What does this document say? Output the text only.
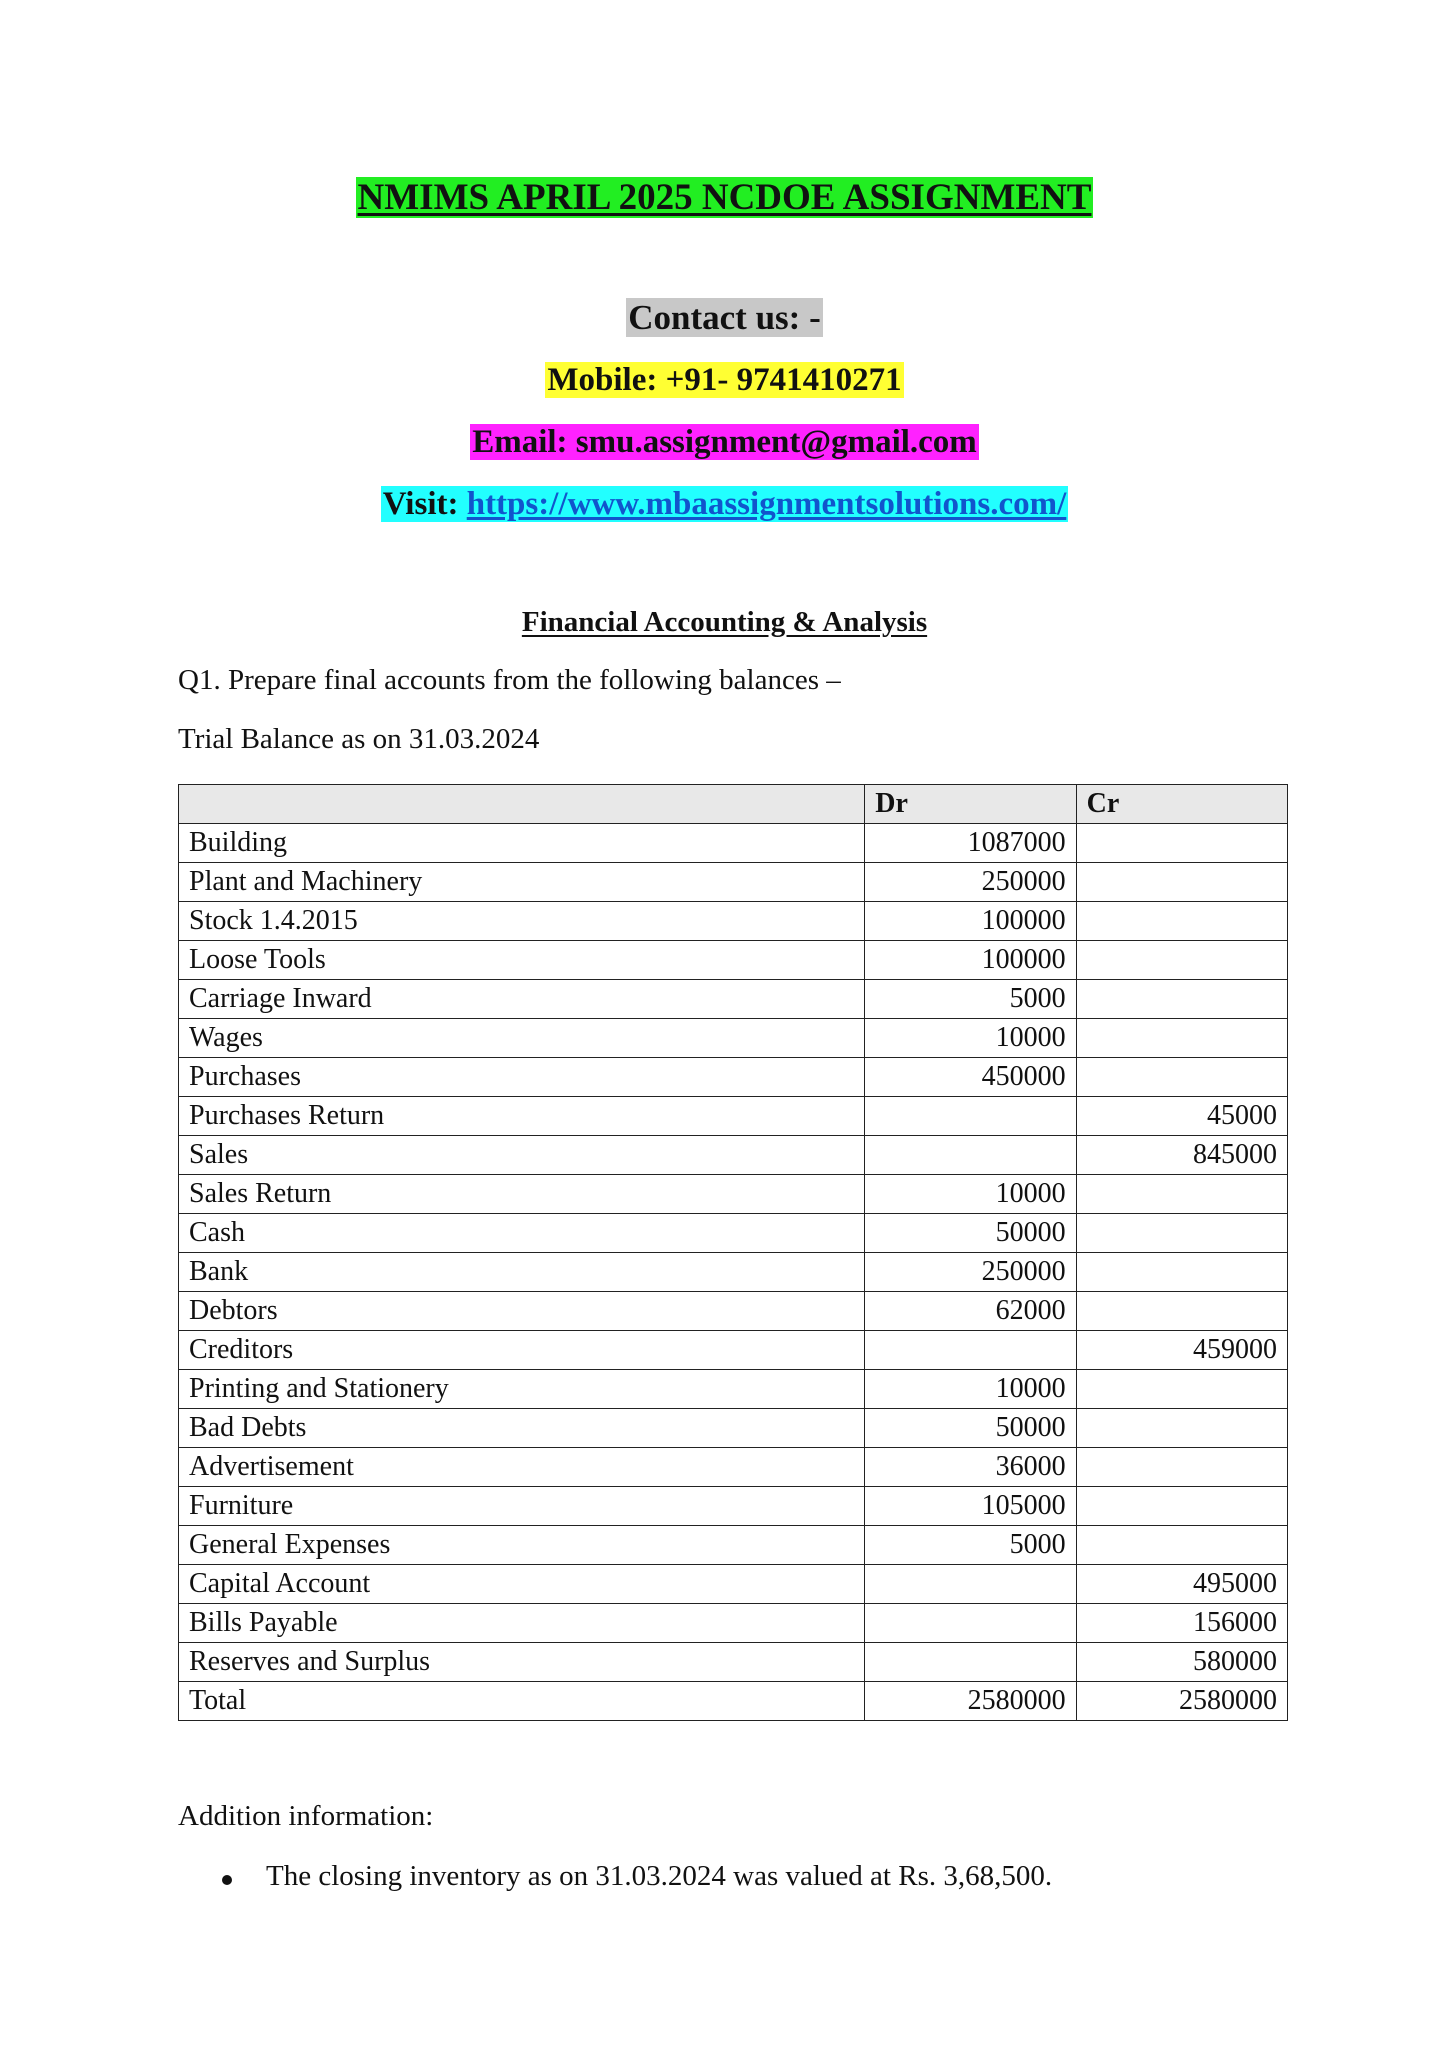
NMIMS APRIL 2025 NCDOE ASSIGNMENT
Contact us: -
Mobile: +91- 9741410271
Email: smu.assignment@gmail.com
Visit: https://www.mbaassignmentsolutions.com/
Financial Accounting & Analysis
Q1. Prepare final accounts from the following balances –
Trial Balance as on 31.03.2024
	Dr	Cr
Building	1087000	
Plant and Machinery	250000	
Stock 1.4.2015	100000	
Loose Tools	100000	
Carriage Inward	5000	
Wages	10000	
Purchases	450000	
Purchases Return		45000
Sales		845000
Sales Return	10000	
Cash	50000	
Bank	250000	
Debtors	62000	
Creditors		459000
Printing and Stationery	10000	
Bad Debts	50000	
Advertisement	36000	
Furniture	105000	
General Expenses	5000	
Capital Account		495000
Bills Payable		156000
Reserves and Surplus		580000
Total	2580000	2580000
Addition information:
The closing inventory as on 31.03.2024 was valued at Rs. 3,68,500.
